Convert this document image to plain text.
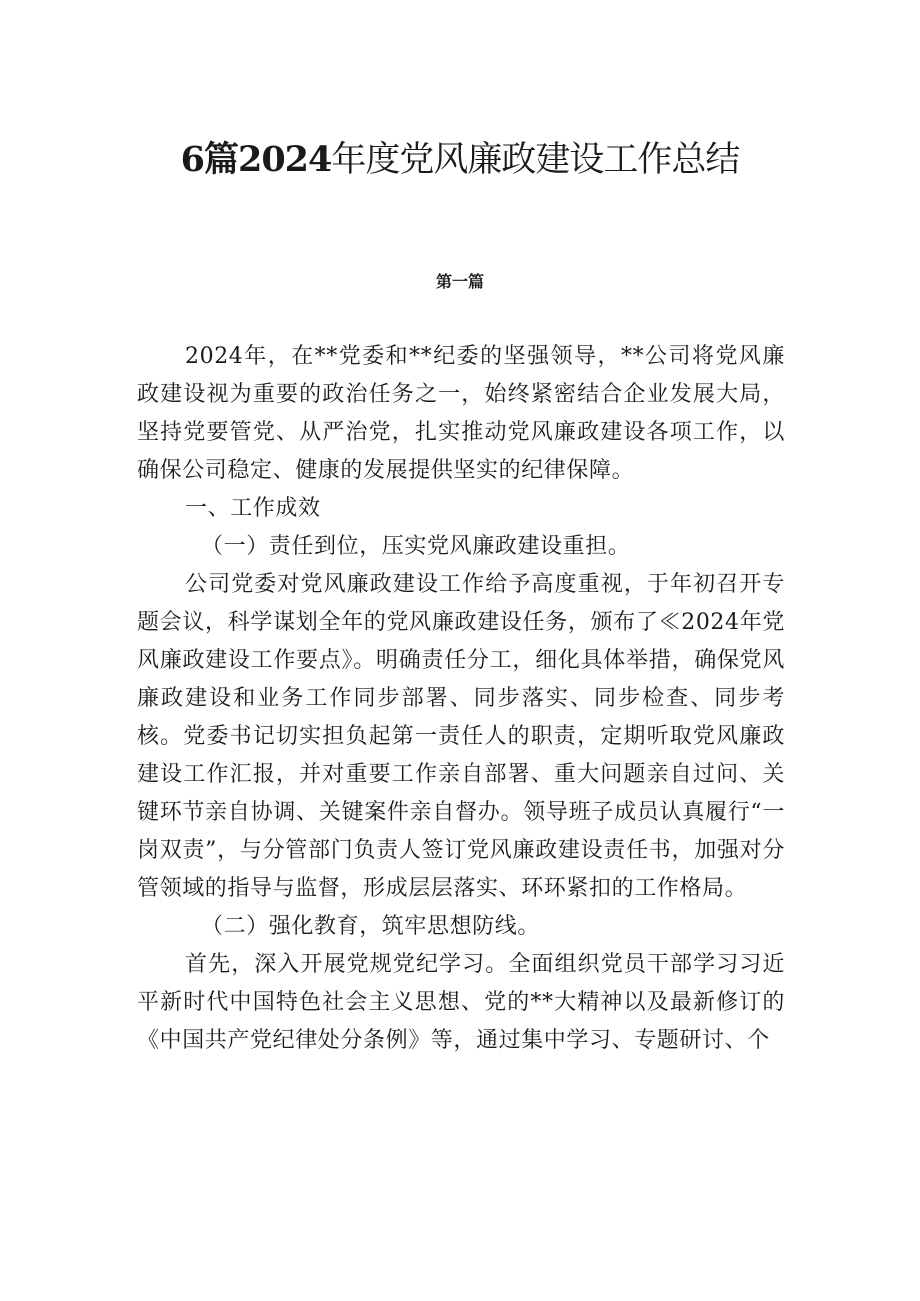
6篇2024年度党风廉政建设工作总结
第一篇

2024年，在**党委和**纪委的坚强领导，**公司将党风廉政建设视为重要的政治任务之一，始终紧密结合企业发展大局，坚持党要管党、从严治党，扎实推动党风廉政建设各项工作，以确保公司稳定、健康的发展提供坚实的纪律保障。

一、工作成效

（一）责任到位，压实党风廉政建设重担。

公司党委对党风廉政建设工作给予高度重视，于年初召开专题会议，科学谋划全年的党风廉政建设任务，颁布了≪2024年党风廉政建设工作要点》。明确责任分工，细化具体举措，确保党风廉政建设和业务工作同步部署、同步落实、同步检查、同步考核。党委书记切实担负起第一责任人的职责，定期听取党风廉政建设工作汇报，并对重要工作亲自部署、重大问题亲自过问、关键环节亲自协调、关键案件亲自督办。领导班子成员认真履行“一岗双责”，与分管部门负责人签订党风廉政建设责任书，加强对分管领域的指导与监督，形成层层落实、环环紧扣的工作格局。

（二）强化教育，筑牢思想防线。

首先，深入开展党规党纪学习。全面组织党员干部学习习近平新时代中国特色社会主义思想、党的**大精神以及最新修订的《中国共产党纪律处分条例》等，通过集中学习、专题研讨、个
